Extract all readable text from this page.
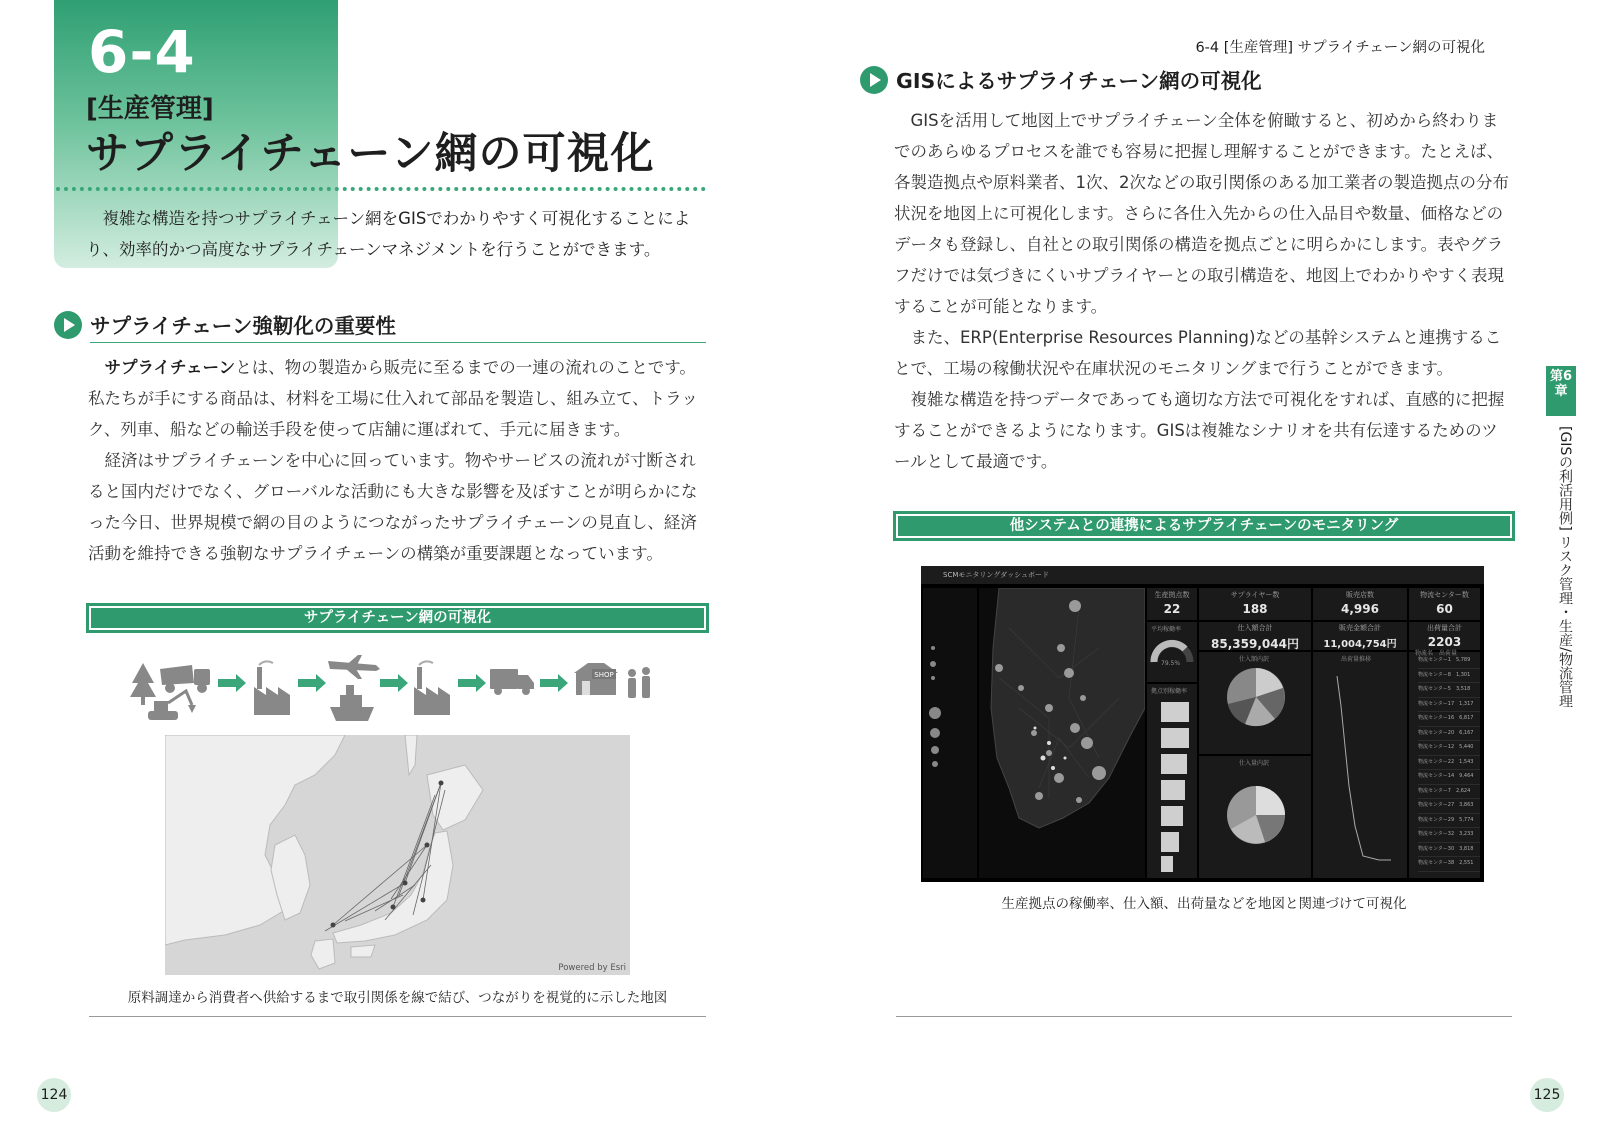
6-4
[生産管理]
サプライチェーン網の可視化
複雑な構造を持つサプライチェーン網をGISでわかりやすく可視化することにより、効率的かつ高度なサプライチェーンマネジメントを行うことができます。
サプライチェーン強靭化の重要性

サプライチェーンとは、物の製造から販売に至るまでの一連の流れのことです。私たちが手にする商品は、材料を工場に仕入れて部品を製造し、組み立て、トラック、列車、船などの輸送手段を使って店舗に運ばれて、手元に届きます。

経済はサプライチェーンを中心に回っています。物やサービスの流れが寸断されると国内だけでなく、グローバルな活動にも大きな影響を及ぼすことが明らかになった今日、世界規模で網の目のようにつながったサプライチェーンの見直し、経済活動を維持できる強靭なサプライチェーンの構築が重要課題となっています。

サプライチェーン網の可視化
SHOP
Powered by Esri
原料調達から消費者へ供給するまで取引関係を線で結び、つながりを視覚的に示した地図
124
6-4 [生産管理] サプライチェーン網の可視化
GISによるサプライチェーン網の可視化

GISを活用して地図上でサプライチェーン全体を俯瞰すると、初めから終わりまでのあらゆるプロセスを誰でも容易に把握し理解することができます。たとえば、各製造拠点や原料業者、1次、2次などの取引関係のある加工業者の製造拠点の分布状況を地図上に可視化します。さらに各仕入先からの仕入品目や数量、価格などのデータも登録し、自社との取引関係の構造を拠点ごとに明らかにします。表やグラフだけでは気づきにくいサプライヤーとの取引構造を、地図上でわかりやすく表現することが可能となります。

また、ERP(Enterprise Resources Planning)などの基幹システムと連携することで、工場の稼働状況や在庫状況のモニタリングまで行うことができます。

複雑な構造を持つデータであっても適切な方法で可視化をすれば、直感的に把握することができるようになります。GISは複雑なシナリオを共有伝達するためのツールとして最適です。

他システムとの連携によるサプライチェーンのモニタリング
SCMモニタリングダッシュボード
生産拠点数
22
サプライヤー数
188
販売店数
4,996
物流センター数
60
仕入額合計
85,359,044円
販売金額合計
11,004,754円
出荷量合計
2203
平均稼働率
79.5%
拠点別稼働率
仕入額内訳
仕入量内訳
出荷量推移
物流名　出荷量
物流センター1　5,789
物流センター8　1,301
物流センター5　3,518
物流センター17　1,317
物流センター16　6,817
物流センター20　6,167
物流センター12　5,440
物流センター22　1,543
物流センター14　9,464
物流センター7　2,624
物流センター27　3,863
物流センター29　5,774
物流センター32　3,233
物流センター30　3,818
物流センター38　2,551
生産拠点の稼働率、仕入額、出荷量などを地図と関連づけて可視化
第6章
[GISの利活用例] リスク管理・生産/物流管理
125
